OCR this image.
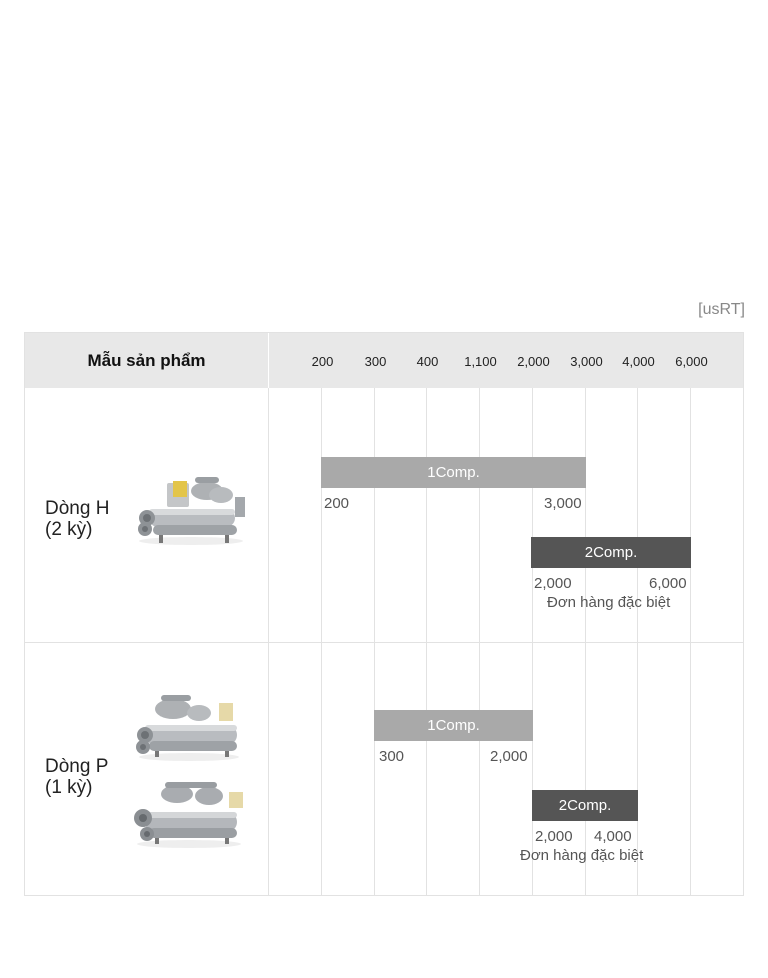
[usRT]
Mẫu sản phẩm	200	300	400	1,100	2,000	3,000	4,000	6,000
Dòng H
(2 kỳ)
1Comp.
200	3,000
2Comp.
2,000	6,000
Đơn hàng đặc biệt
Dòng P
(1 kỳ)
1Comp.
300	2,000
2Comp.
2,000 4,000
Đơn hàng đặc biệt
